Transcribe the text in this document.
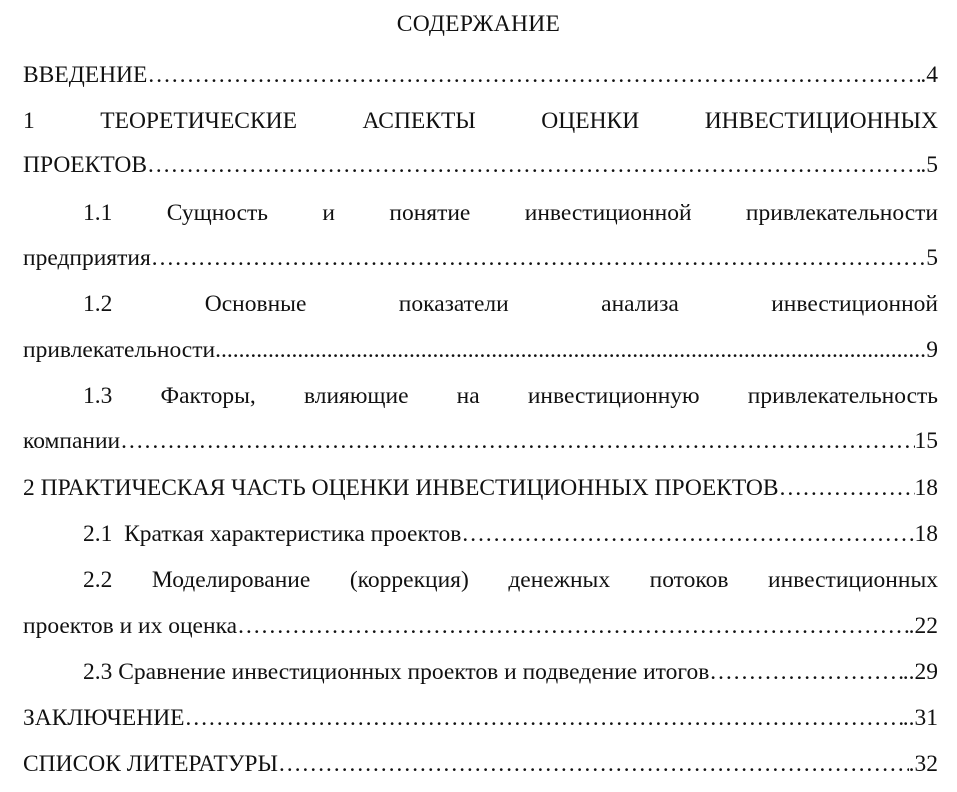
СОДЕРЖАНИЕ
ВВЕДЕНИЕ ……………………………………………………………………………………………………………………………………………………………………………………………………	.4
1 ТЕОРЕТИЧЕСКИЕ АСПЕКТЫ ОЦЕНКИ ИНВЕСТИЦИОННЫХ
ПРОЕКТОВ ……………………………………………………………………………………………………………………………………………………………………………………………………	.5
1.1 Сущность и понятие инвестиционной привлекательности
предприятия ……………………………………………………………………………………………………………………………………………………………………………………………………	5
1.2 Основные показатели анализа инвестиционной
привлекательности .....	9
1.3 Факторы, влияющие на инвестиционную привлекательность
компании ……………………………………………………………………………………………………………………………………………………………………………………………………	15
2 ПРАКТИЧЕСКАЯ ЧАСТЬ ОЦЕНКИ ИНВЕСТИЦИОННЫХ ПРОЕКТОВ ……………………………………………………………………………………………………………………………………………………………………………………………………	18
2.1  Краткая характеристика проектов ……………………………………………………………………………………………………………………………………………………………………………………………………	18
2.2 Моделирование (коррекция) денежных потоков инвестиционных
проектов и их оценка ……………………………………………………………………………………………………………………………………………………………………………………………………	.22
2.3 Сравнение инвестиционных проектов и подведение итогов ……………………………………………………………………………………………………………………………………………………………………………………………………	..29
ЗАКЛЮЧЕНИЕ ……………………………………………………………………………………………………………………………………………………………………………………………………	..31
СПИСОК ЛИТЕРАТУРЫ ……………………………………………………………………………………………………………………………………………………………………………………………………	.32
